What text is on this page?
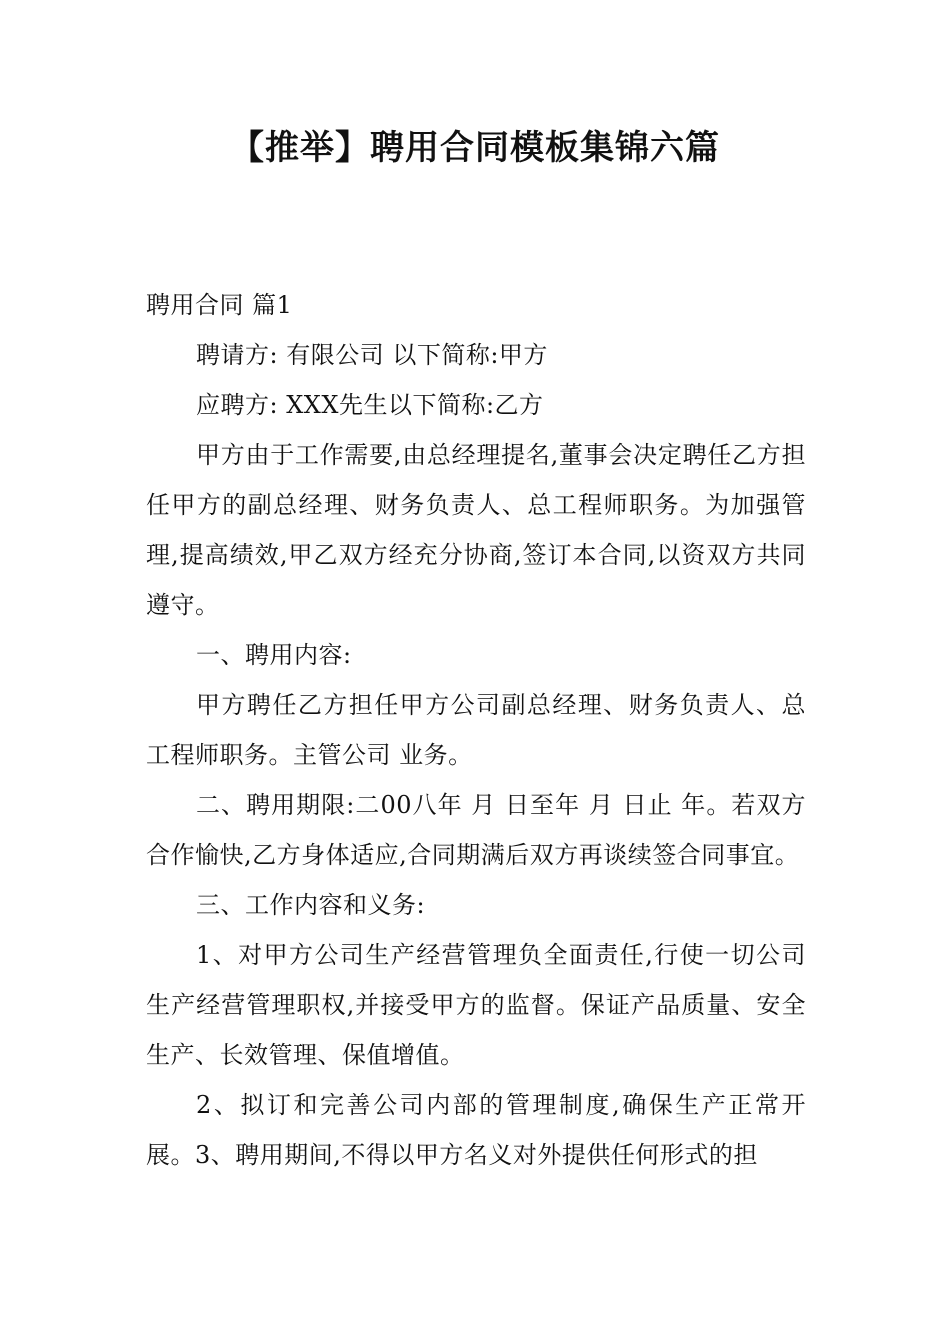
【推举】聘用合同模板集锦六篇

聘用合同 篇1

聘请方: 有限公司 以下简称:甲方

应聘方: XXX先生以下简称:乙方

甲方由于工作需要,由总经理提名,董事会决定聘任乙方担任甲方的副总经理、财务负责人、总工程师职务。为加强管理,提高绩效,甲乙双方经充分协商,签订本合同,以资双方共同遵守。

一、聘用内容:

甲方聘任乙方担任甲方公司副总经理、财务负责人、总工程师职务。主管公司 业务。

二、聘用期限:二00八年 月 日至年 月 日止 年。若双方合作愉快,乙方身体适应,合同期满后双方再谈续签合同事宜。

三、工作内容和义务:

1、对甲方公司生产经营管理负全面责任,行使一切公司生产经营管理职权,并接受甲方的监督。保证产品质量、安全生产、长效管理、保值增值。

2、拟订和完善公司内部的管理制度,确保生产正常开展。3、聘用期间,不得以甲方名义对外提供任何形式的担
